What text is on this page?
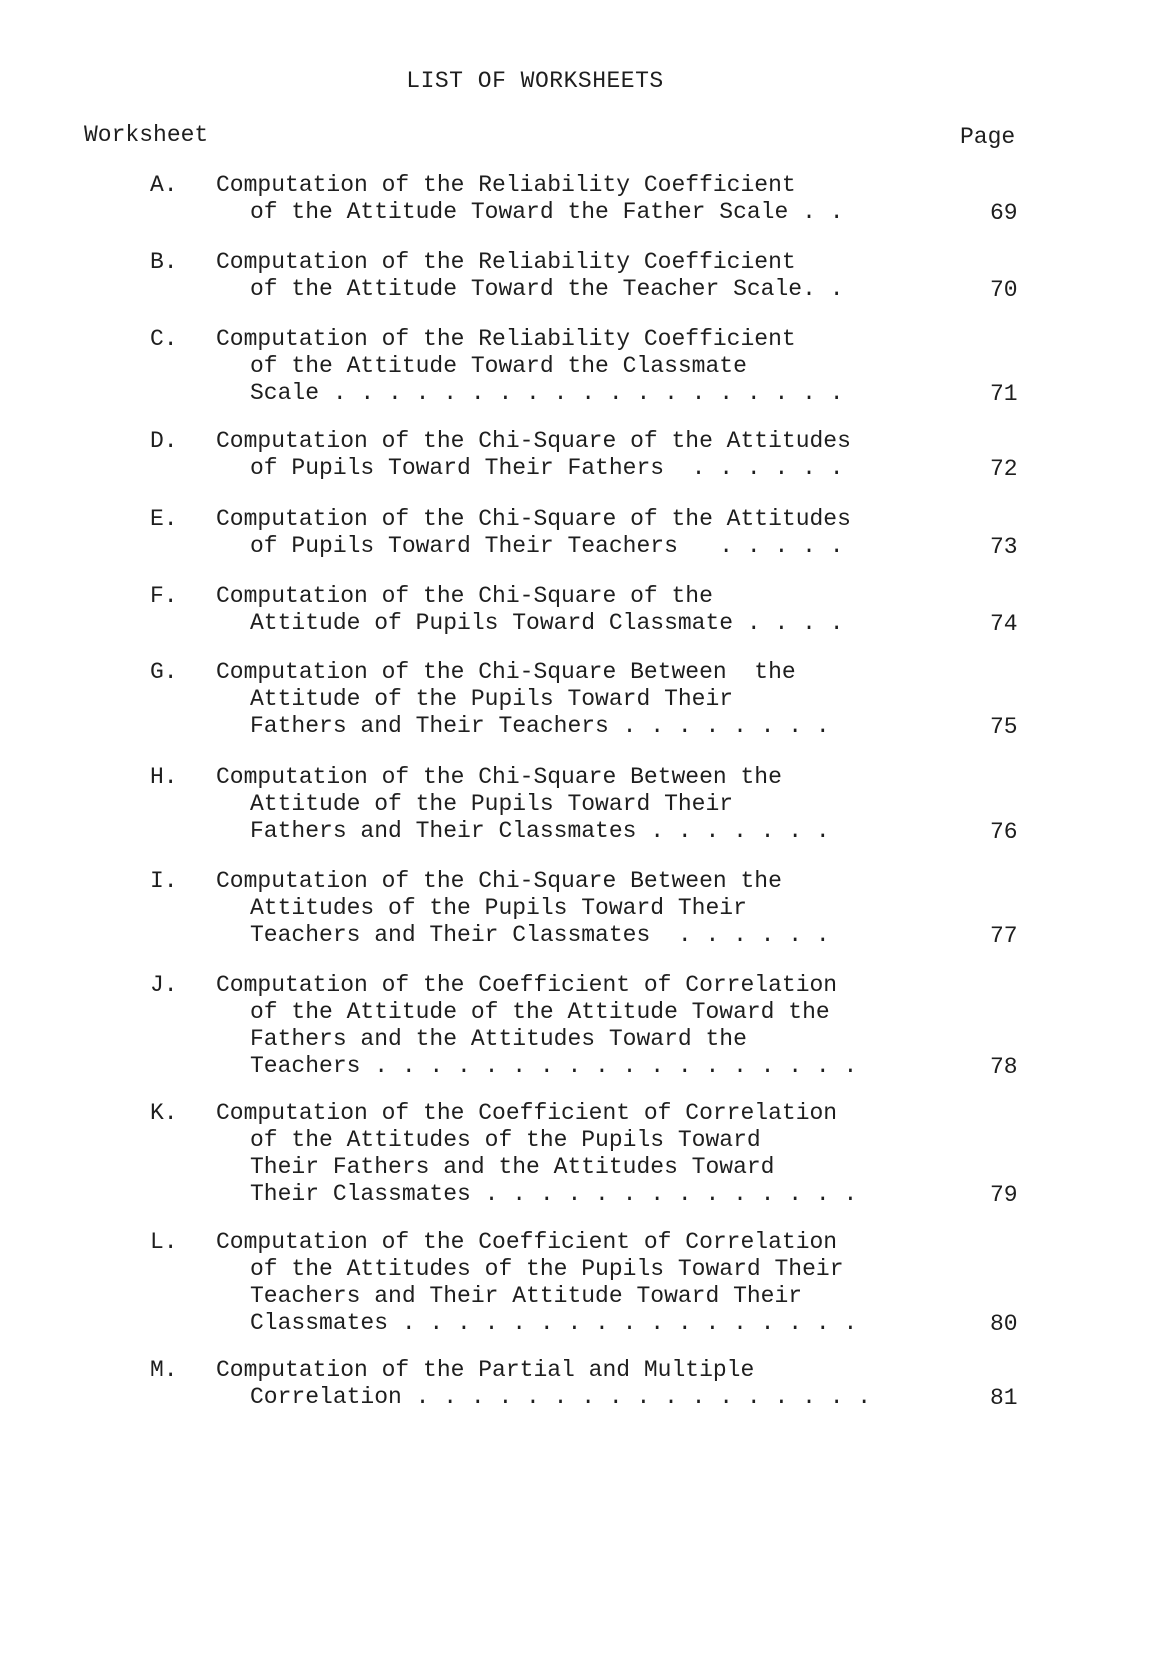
LIST OF WORKSHEETS
Worksheet	Page
A. Computation of the Reliability Coefficient
of the Attitude Toward the Father Scale . .	69
B. Computation of the Reliability Coefficient
of the Attitude Toward the Teacher Scale. .	70
C. Computation of the Reliability Coefficient
of the Attitude Toward the Classmate
Scale . . . . . . . . . . . . . . . . . . .	71
D. Computation of the Chi-Square of the Attitudes
of Pupils Toward Their Fathers  . . . . . .	72
E. Computation of the Chi-Square of the Attitudes
of Pupils Toward Their Teachers   . . . . .	73
F. Computation of the Chi-Square of the
Attitude of Pupils Toward Classmate . . . .	74
G. Computation of the Chi-Square Between  the
Attitude of the Pupils Toward Their
Fathers and Their Teachers . . . . . . . .	75
H. Computation of the Chi-Square Between the
Attitude of the Pupils Toward Their
Fathers and Their Classmates . . . . . . .	76
I. Computation of the Chi-Square Between the
Attitudes of the Pupils Toward Their
Teachers and Their Classmates  . . . . . .	77
J. Computation of the Coefficient of Correlation
of the Attitude of the Attitude Toward the
Fathers and the Attitudes Toward the
Teachers . . . . . . . . . . . . . . . . . .	78
K. Computation of the Coefficient of Correlation
of the Attitudes of the Pupils Toward
Their Fathers and the Attitudes Toward
Their Classmates . . . . . . . . . . . . . .	79
L. Computation of the Coefficient of Correlation
of the Attitudes of the Pupils Toward Their
Teachers and Their Attitude Toward Their
Classmates . . . . . . . . . . . . . . . . .	80
M. Computation of the Partial and Multiple
Correlation . . . . . . . . . . . . . . . . .	81
